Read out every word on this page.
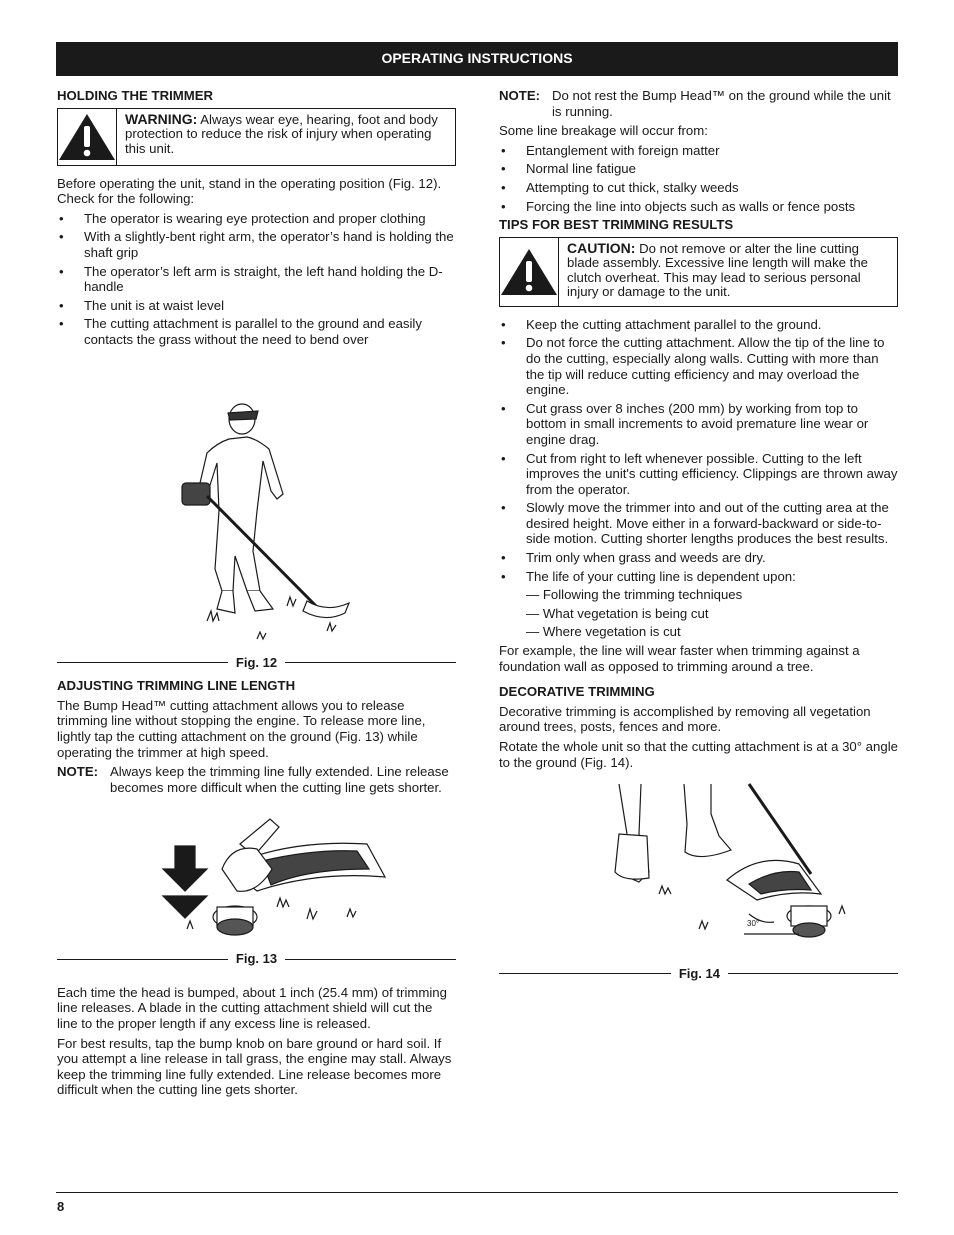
OPERATING INSTRUCTIONS
HOLDING THE TRIMMER
WARNING: Always wear eye, hearing, foot and body protection to reduce the risk of injury when operating this unit.

Before operating the unit, stand in the operating position (Fig. 12). Check for the following:

• The operator is wearing eye protection and proper clothing
• With a slightly-bent right arm, the operator’s hand is holding the shaft grip
• The operator’s left arm is straight, the left hand holding the D-handle
• The unit is at waist level
• The cutting attachment is parallel to the ground and easily contacts the grass without the need to bend over
Fig. 12
ADJUSTING TRIMMING LINE LENGTH

The Bump Head™ cutting attachment allows you to release trimming line without stopping the engine. To release more line, lightly tap the cutting attachment on the ground (Fig. 13) while operating the trimmer at high speed.

NOTE: Always keep the trimming line fully extended. Line release becomes more difficult when the cutting line gets shorter.
Fig. 13

Each time the head is bumped, about 1 inch (25.4 mm) of trimming line releases. A blade in the cutting attachment shield will cut the line to the proper length if any excess line is released.

For best results, tap the bump knob on bare ground or hard soil. If you attempt a line release in tall grass, the engine may stall. Always keep the trimming line fully extended. Line release becomes more difficult when the cutting line gets shorter.

NOTE: Do not rest the Bump Head™ on the ground while the unit is running.

Some line breakage will occur from:

• Entanglement with foreign matter
• Normal line fatigue
• Attempting to cut thick, stalky weeds
• Forcing the line into objects such as walls or fence posts
TIPS FOR BEST TRIMMING RESULTS
CAUTION: Do not remove or alter the line cutting blade assembly. Excessive line length will make the clutch overheat. This may lead to serious personal injury or damage to the unit.
• Keep the cutting attachment parallel to the ground.
• Do not force the cutting attachment. Allow the tip of the line to do the cutting, especially along walls. Cutting with more than the tip will reduce cutting efficiency and may overload the engine.
• Cut grass over 8 inches (200 mm) by working from top to bottom in small increments to avoid premature line wear or engine drag.
• Cut from right to left whenever possible. Cutting to the left improves the unit's cutting efficiency. Clippings are thrown away from the operator.
• Slowly move the trimmer into and out of the cutting area at the desired height. Move either in a forward-backward or side-to-side motion. Cutting shorter lengths produces the best results.
• Trim only when grass and weeds are dry.
• The life of your cutting line is dependent upon:
— Following the trimming techniques
— What vegetation is being cut
— Where vegetation is cut

For example, the line will wear faster when trimming against a foundation wall as opposed to trimming around a tree.

DECORATIVE TRIMMING

Decorative trimming is accomplished by removing all vegetation around trees, posts, fences and more.

Rotate the whole unit so that the cutting attachment is at a 30° angle to the ground (Fig. 14).

30°
Fig. 14
8
